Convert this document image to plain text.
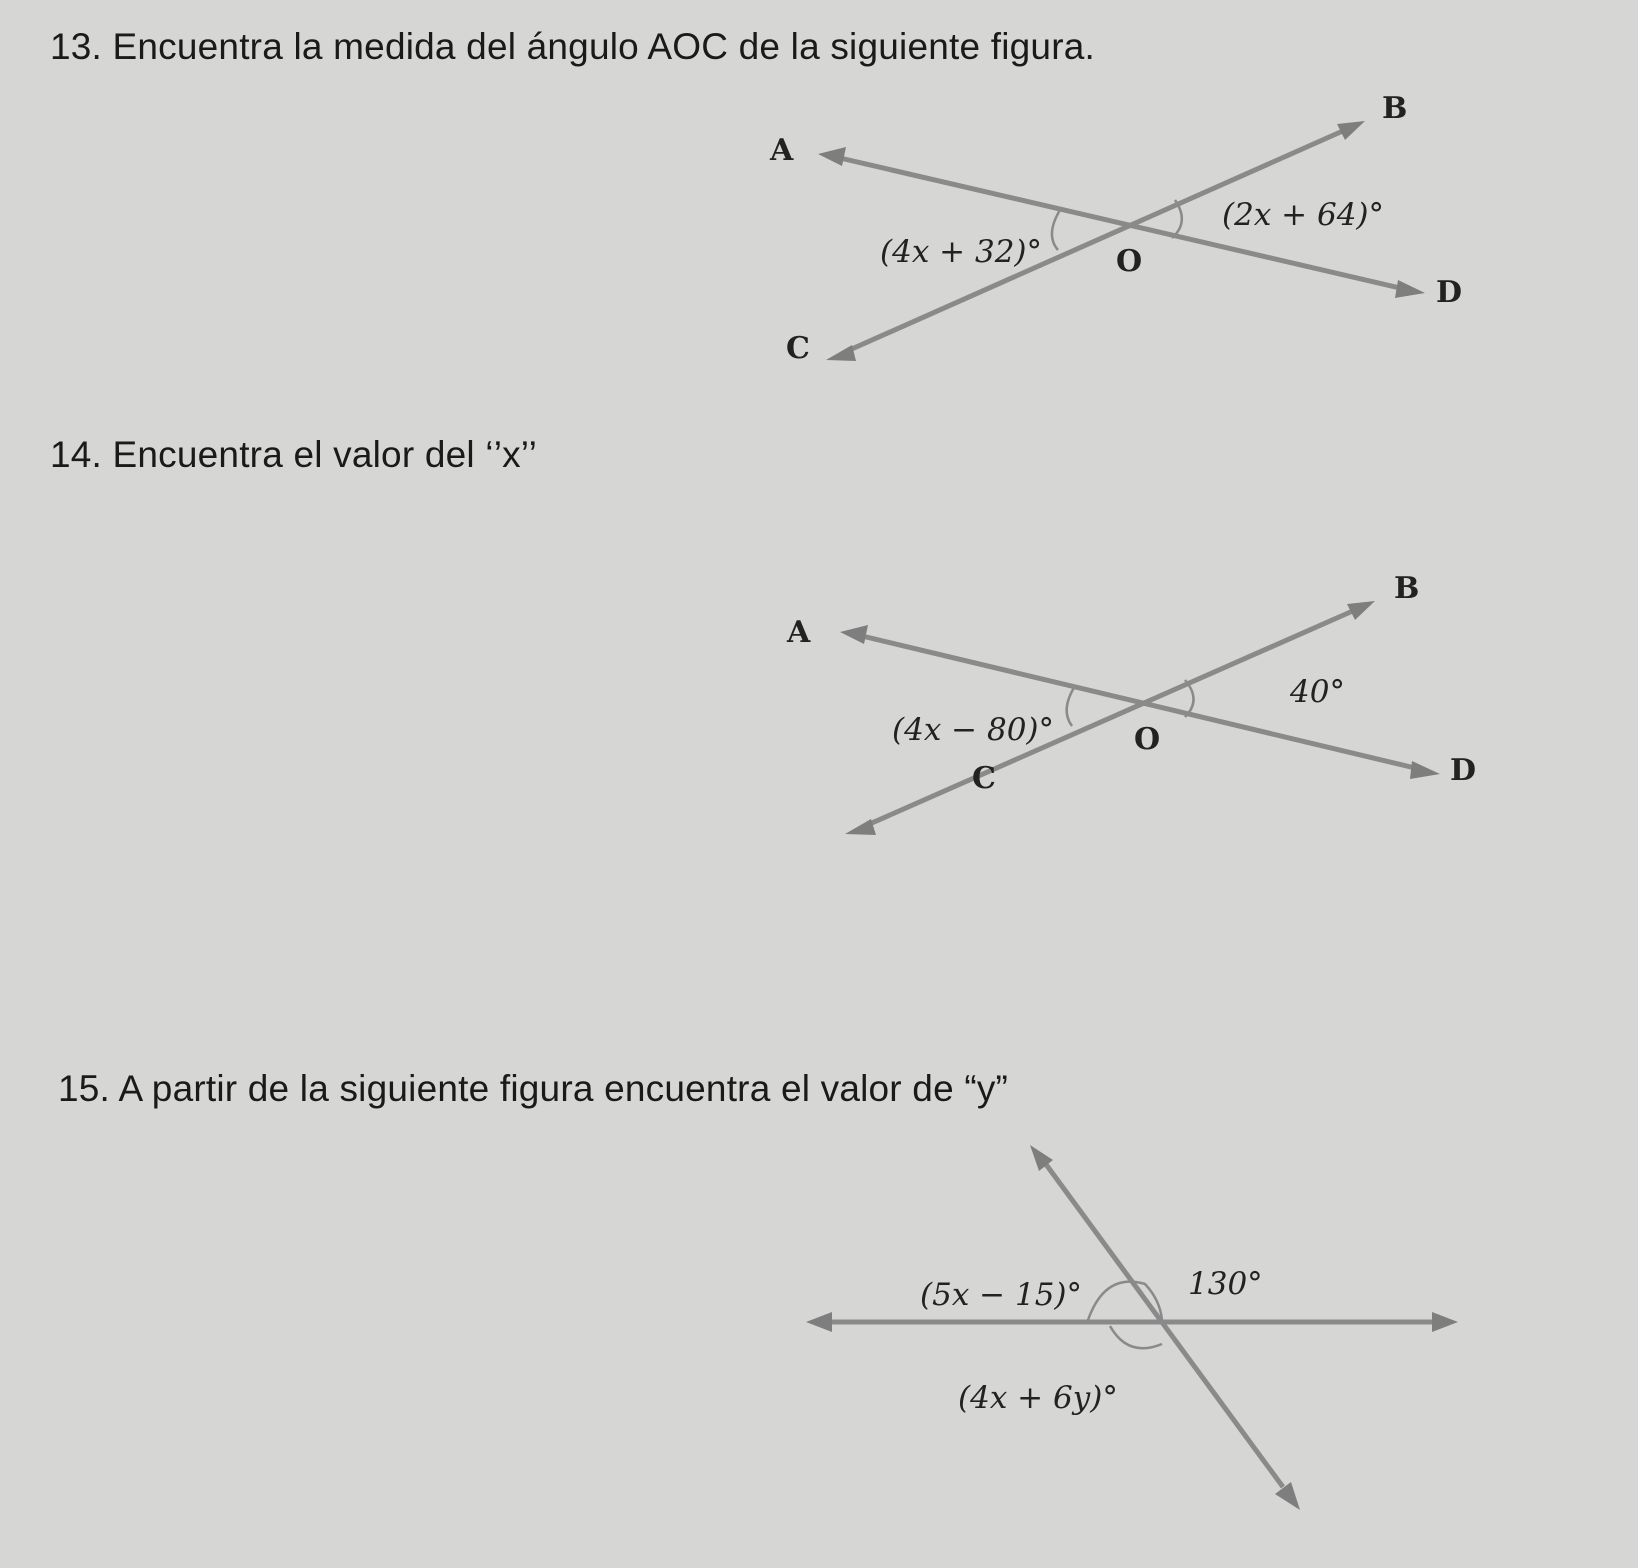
13. Encuentra la medida del ángulo AOC de la siguiente figura.

14. Encuentra el valor del ‘’x’’

15. A partir de la siguiente figura encuentra el valor de “y”

A
B
C
D
O
(4x + 32)°
(2x + 64)°
A
B
C	D
O
(4x − 80)°
40°
(5x − 15)°	130°
(4x + 6y)°
